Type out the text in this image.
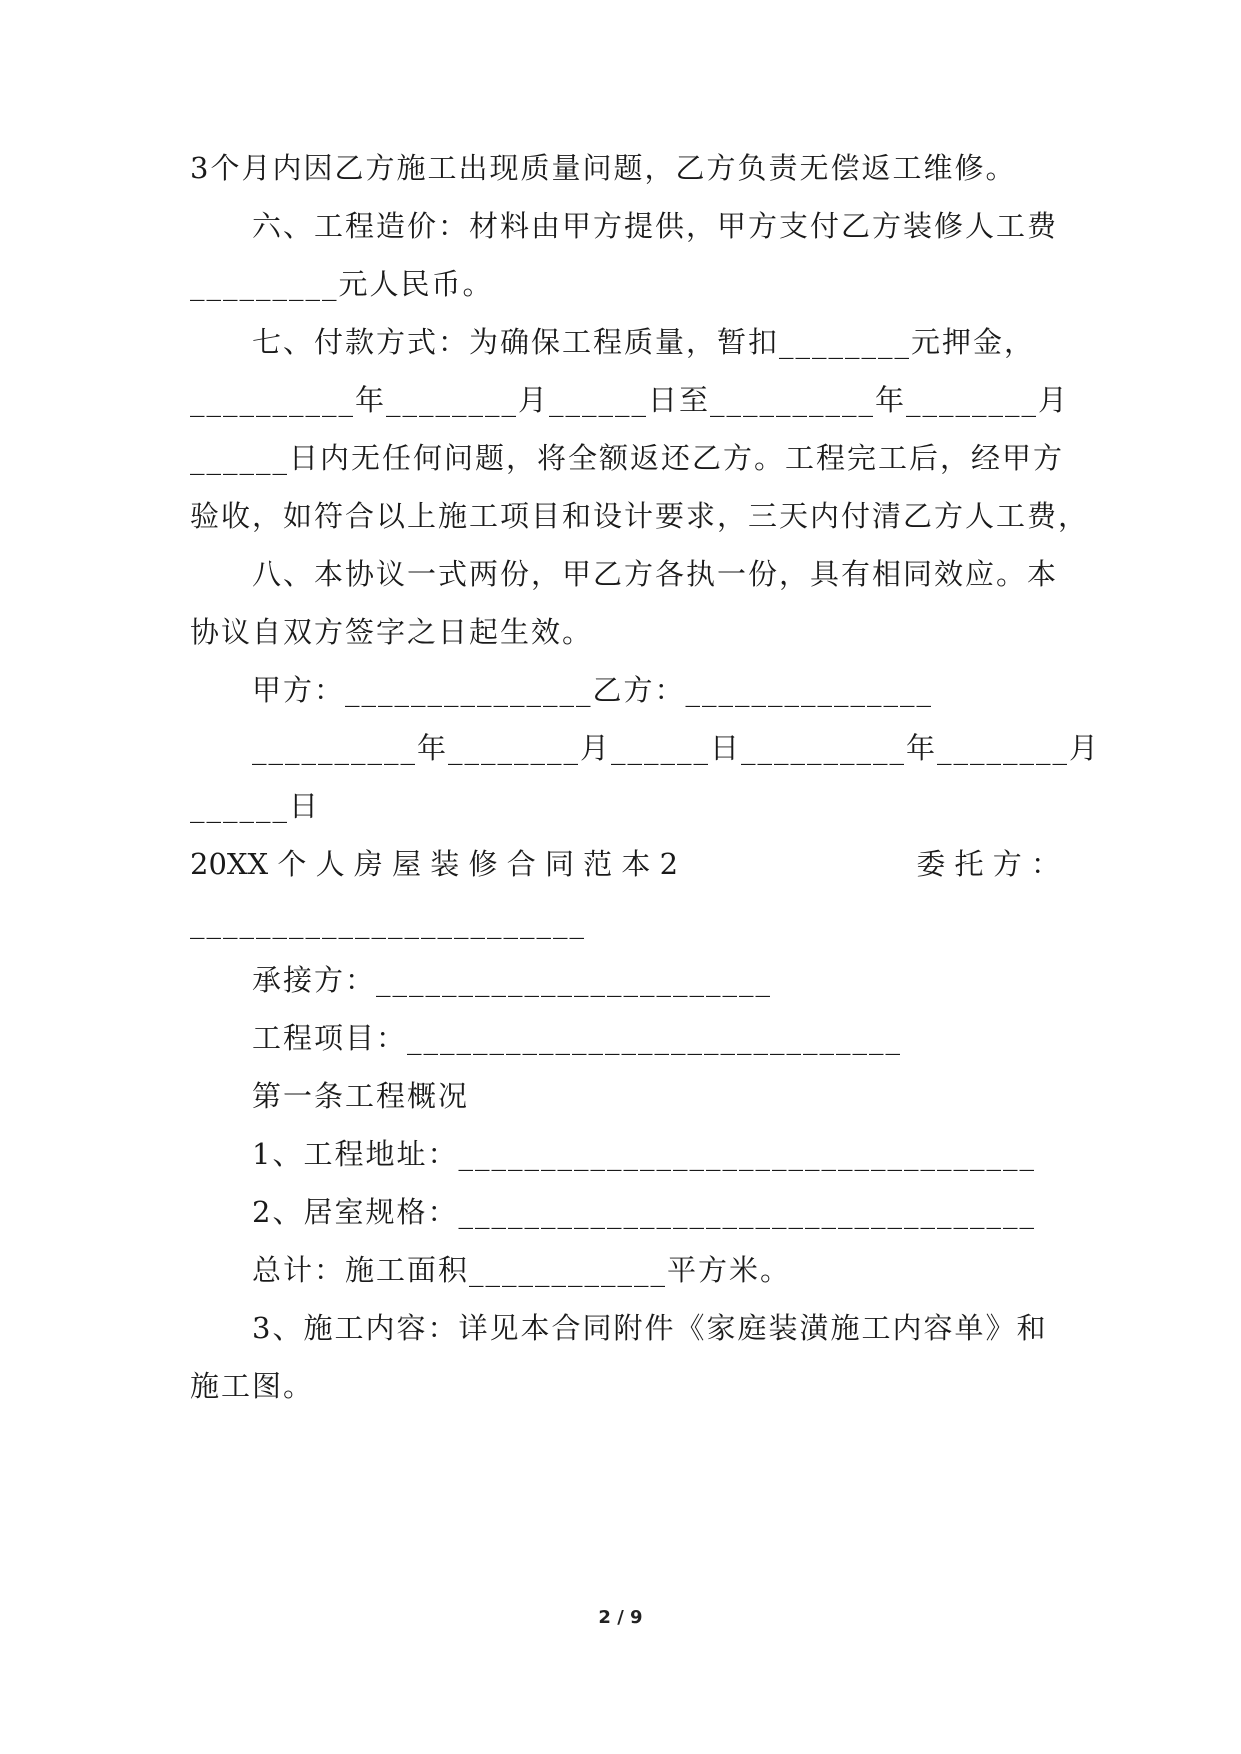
3个月内因乙方施工出现质量问题，乙方负责无偿返工维修。
六、工程造价：材料由甲方提供，甲方支付乙方装修人工费
_________元人民币。
七、付款方式：为确保工程质量，暂扣________元押金，
__________年________月______日至__________年________月
______日内无任何问题，将全额返还乙方。工程完工后，经甲方
验收，如符合以上施工项目和设计要求，三天内付清乙方人工费，
八、本协议一式两份，甲乙方各执一份，具有相同效应。本
协议自双方签字之日起生效。
甲方：_______________乙方：_______________
__________年________月______日__________年________月
______日
20XX 个 人 房 屋 装 修 合 同 范 本 2	委 托 方 ：
________________________
承接方：________________________
工程项目：______________________________
第一条工程概况
1、工程地址：___________________________________
2、居室规格：___________________________________
总计：施工面积____________平方米。
3、施工内容：详见本合同附件《家庭装潢施工内容单》和
施工图。
2 / 9
